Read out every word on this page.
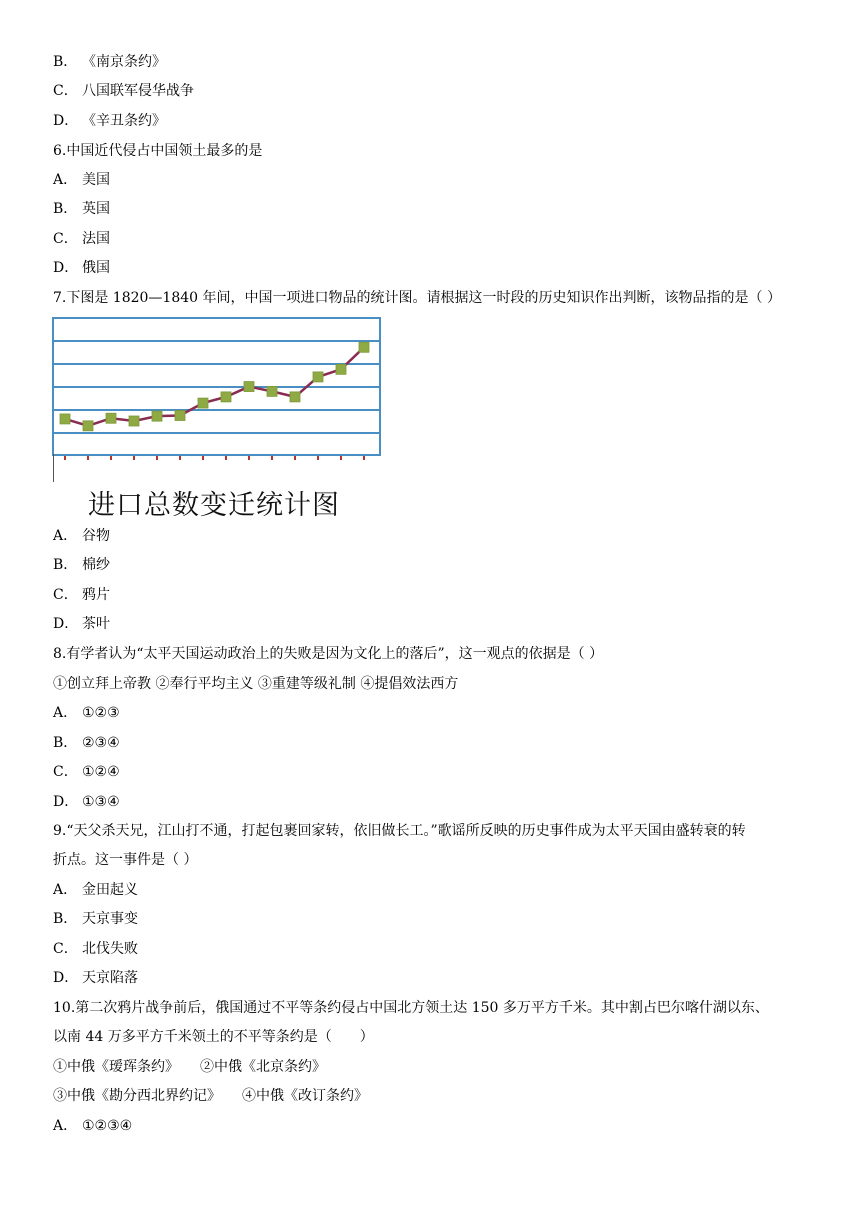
B． 《南京条约》
C． 八国联军侵华战争
D． 《辛丑条约》
6.中国近代侵占中国领土最多的是
A． 美国
B． 英国
C． 法国
D． 俄国
7.下图是 1820—1840 年间，中国一项进口物品的统计图。请根据这一时段的历史知识作出判断，该物品指的是（ ）
A． 谷物
B． 棉纱
C． 鸦片
D． 茶叶
8.有学者认为“太平天国运动政治上的失败是因为文化上的落后”，这一观点的依据是（ ）
①创立拜上帝教 ②奉行平均主义 ③重建等级礼制 ④提倡效法西方
A． ①②③
B． ②③④
C． ①②④
D． ①③④
9.“天父杀天兄，江山打不通，打起包裹回家转，依旧做长工。”歌谣所反映的历史事件成为太平天国由盛转衰的转
折点。这一事件是（ ）
A． 金田起义
B． 天京事变
C． 北伐失败
D． 天京陷落
10.第二次鸦片战争前后，俄国通过不平等条约侵占中国北方领土达 150 多万平方千米。其中割占巴尔喀什湖以东、
以南 44 万多平方千米领土的不平等条约是（　　）
①中俄《瑷珲条约》　　②中俄《北京条约》
③中俄《勘分西北界约记》　　④中俄《改订条约》
A． ①②③④
进口总数变迁统计图
